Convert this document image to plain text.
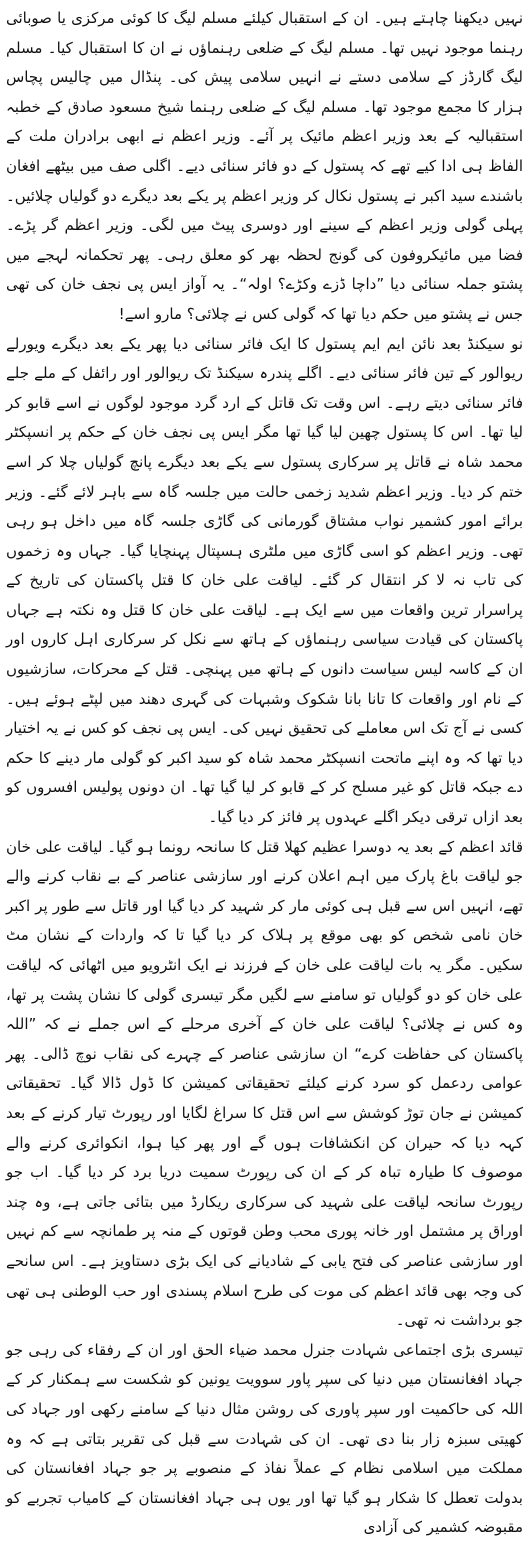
نہیں دیکھنا چاہتے ہیں۔ ان کے استقبال کیلئے مسلم لیگ کا کوئی مرکزی یا صوبائی رہنما موجود نہیں تھا۔ مسلم لیگ کے ضلعی رہنماؤں نے ان کا استقبال کیا۔ مسلم لیگ گارڈز کے سلامی دستے نے انہیں سلامی پیش کی۔ پنڈال میں چالیس پچاس ہزار کا مجمع موجود تھا۔ مسلم لیگ کے ضلعی رہنما شیخ مسعود صادق کے خطبہ استقبالیہ کے بعد وزیر اعظم مائیک پر آئے۔ وزیر اعظم نے ابھی برادران ملت کے الفاظ ہی ادا کیے تھے کہ پستول کے دو فائر سنائی دیے۔ اگلی صف میں بیٹھے افغان باشندے سید اکبر نے پستول نکال کر وزیر اعظم پر یکے بعد دیگرے دو گولیاں چلائیں۔ پہلی گولی وزیر اعظم کے سینے اور دوسری پیٹ میں لگی۔ وزیر اعظم گر پڑے۔ فضا میں مائیکروفون کی گونج لحظہ بھر کو معلق رہی۔ پھر تحکمانہ لہجے میں پشتو جملہ سنائی دیا ”داچا ڈزے وکڑے؟ اولہ“۔ یہ آواز ایس پی نجف خان کی تھی جس نے پشتو میں حکم دیا تھا کہ گولی کس نے چلائی؟ مارو اسے!

نو سیکنڈ بعد نائن ایم ایم پستول کا ایک فائر سنائی دیا پھر یکے بعد دیگرے ویورلے ریوالور کے تین فائر سنائی دیے۔ اگلے پندرہ سیکنڈ تک ریوالور اور رائفل کے ملے جلے فائر سنائی دیتے رہے۔ اس وقت تک قاتل کے ارد گرد موجود لوگوں نے اسے قابو کر لیا تھا۔ اس کا پستول چھین لیا گیا تھا مگر ایس پی نجف خان کے حکم پر انسپکٹر محمد شاہ نے قاتل پر سرکاری پستول سے یکے بعد دیگرے پانچ گولیاں چلا کر اسے ختم کر دیا۔ وزیر اعظم شدید زخمی حالت میں جلسہ گاہ سے باہر لائے گئے۔ وزیر برائے امور کشمیر نواب مشتاق گورمانی کی گاڑی جلسہ گاہ میں داخل ہو رہی تھی۔ وزیر اعظم کو اسی گاڑی میں ملٹری ہسپتال پہنچایا گیا۔ جہاں وہ زخموں کی تاب نہ لا کر انتقال کر گئے۔ لیاقت علی خان کا قتل پاکستان کی تاریخ کے پراسرار ترین واقعات میں سے ایک ہے۔ لیاقت علی خان کا قتل وہ نکتہ ہے جہاں پاکستان کی قیادت سیاسی رہنماؤں کے ہاتھ سے نکل کر سرکاری اہل کاروں اور ان کے کاسہ لیس سیاست دانوں کے ہاتھ میں پہنچی۔ قتل کے محرکات، سازشیوں کے نام اور واقعات کا تانا بانا شکوک وشبہات کی گہری دھند میں لپٹے ہوئے ہیں۔ کسی نے آج تک اس معاملے کی تحقیق نہیں کی۔ ایس پی نجف کو کس نے یہ اختیار دیا تھا کہ وہ اپنے ماتحت انسپکٹر محمد شاہ کو سید اکبر کو گولی مار دینے کا حکم دے جبکہ قاتل کو غیر مسلح کر کے قابو کر لیا گیا تھا۔ ان دونوں پولیس افسروں کو بعد ازاں ترقی دیکر اگلے عہدوں پر فائز کر دیا گیا۔

قائد اعظم کے بعد یہ دوسرا عظیم کھلا قتل کا سانحہ رونما ہو گیا۔ لیاقت علی خان جو لیاقت باغ پارک میں اہم اعلان کرنے اور سازشی عناصر کے بے نقاب کرنے والے تھے، انہیں اس سے قبل ہی کوئی مار کر شہید کر دیا گیا اور قاتل سے طور پر اکبر خان نامی شخص کو بھی موقع پر ہلاک کر دیا گیا تا کہ واردات کے نشان مٹ سکیں۔ مگر یہ بات لیاقت علی خان کے فرزند نے ایک انٹرویو میں اٹھائی کہ لیاقت علی خان کو دو گولیاں تو سامنے سے لگیں مگر تیسری گولی کا نشان پشت پر تھا، وہ کس نے چلائی؟ لیاقت علی خان کے آخری مرحلے کے اس جملے نے کہ ”اللہ پاکستان کی حفاظت کرے“ ان سازشی عناصر کے چہرے کی نقاب نوچ ڈالی۔ پھر عوامی ردعمل کو سرد کرنے کیلئے تحقیقاتی کمیشن کا ڈول ڈالا گیا۔ تحقیقاتی کمیشن نے جان توڑ کوشش سے اس قتل کا سراغ لگایا اور رپورٹ تیار کرنے کے بعد کہہ دیا کہ حیران کن انکشافات ہوں گے اور پھر کیا ہوا، انکوائری کرنے والے موصوف کا طیارہ تباہ کر کے ان کی رپورٹ سمیت دریا برد کر دیا گیا۔ اب جو رپورٹ سانحہ لیاقت علی شہید کی سرکاری ریکارڈ میں بتائی جاتی ہے، وہ چند اوراق پر مشتمل اور خانہ پوری محب وطن قوتوں کے منہ پر طمانچہ سے کم نہیں اور سازشی عناصر کی فتح یابی کے شادیانے کی ایک بڑی دستاویز ہے۔ اس سانحے کی وجہ بھی قائد اعظم کی موت کی طرح اسلام پسندی اور حب الوطنی ہی تھی جو برداشت نہ تھی۔

تیسری بڑی اجتماعی شہادت جنرل محمد ضیاء الحق اور ان کے رفقاء کی رہی جو جہاد افغانستان میں دنیا کی سپر پاور سوویت یونین کو شکست سے ہمکنار کر کے اللہ کی حاکمیت اور سپر پاوری کی روشن مثال دنیا کے سامنے رکھی اور جہاد کی کھیتی سبزہ زار بنا دی تھی۔ ان کی شہادت سے قبل کی تقریر بتاتی ہے کہ وہ مملکت میں اسلامی نظام کے عملاً نفاذ کے منصوبے پر جو جہاد افغانستان کی بدولت تعطل کا شکار ہو گیا تھا اور یوں ہی جہاد افغانستان کے کامیاب تجربے کو مقبوضہ کشمیر کی آزادی
